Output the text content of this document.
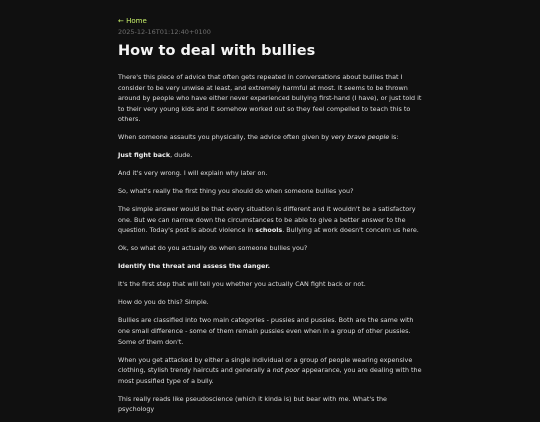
← Home
2025-12-16T01:12:40+0100
How to deal with bullies

There's this piece of advice that often gets repeated in conversations about bullies that I consider to be very unwise at least, and extremely harmful at most. It seems to be thrown around by people who have either never experienced bullying first-hand (I have), or just told it to their very young kids and it somehow worked out so they feel compelled to teach this to others.

When someone assaults you physically, the advice often given by very brave people is:

Just fight back, dude.

And it's very wrong. I will explain why later on.

So, what's really the first thing you should do when someone bullies you?

The simple answer would be that every situation is different and it wouldn't be a satisfactory one. But we can narrow down the circumstances to be able to give a better answer to the question. Today's post is about violence in schools. Bullying at work doesn't concern us here.

Ok, so what do you actually do when someone bullies you?

Identify the threat and assess the danger.

It's the first step that will tell you whether you actually CAN fight back or not.

How do you do this? Simple.

Bullies are classified into two main categories - pussies and pussies. Both are the same with one small difference - some of them remain pussies even when in a group of other pussies. Some of them don't.

When you get attacked by either a single individual or a group of people wearing expensive clothing, stylish trendy haircuts and generally a not poor appearance, you are dealing with the most pussified type of a bully.

This really reads like pseudoscience (which it kinda is) but bear with me. What's the psychology
